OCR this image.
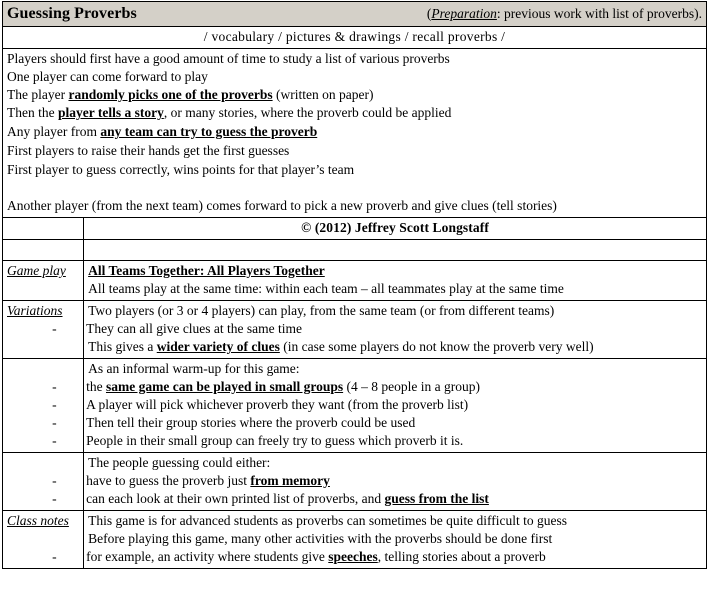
Guessing Proverbs (Preparation: previous work with list of proverbs).	

/ vocabulary / pictures & drawings / recall proverbs /	

Players should first have a good amount of time to study a list of various proverbs

One player can come forward to play

The player randomly picks one of the proverbs (written on paper)

Then the player tells a story, or many stories, where the proverb could be applied

Any player from any team can try to guess the proverb

First players to raise their hands get the first guesses

First player to guess correctly, wins points for that player’s team

Another player (from the next team) comes forward to pick a new proverb and give clues (tell stories)

	© (2012) Jeffrey Scott Longstaff

Game play	All Teams Together: All Players Together

All teams play at the same time: within each team – all teammates play at the same time

Variations	Two players (or 3 or 4 players) can play, from the same team (or from different teams)

- They can all give clues at the same time

This gives a wider variety of clues (in case some players do not know the proverb very well)

	As an informal warm-up for this game:

- the same game can be played in small groups (4 – 8 people in a group)

- A player will pick whichever proverb they want (from the proverb list)

- Then tell their group stories where the proverb could be used

- People in their small group can freely try to guess which proverb it is.

	The people guessing could either:

- have to guess the proverb just from memory

- can each look at their own printed list of proverbs, and guess from the list

Class notes	This game is for advanced students as proverbs can sometimes be quite difficult to guess

Before playing this game, many other activities with the proverbs should be done first

- for example, an activity where students give speeches, telling stories about a proverb
